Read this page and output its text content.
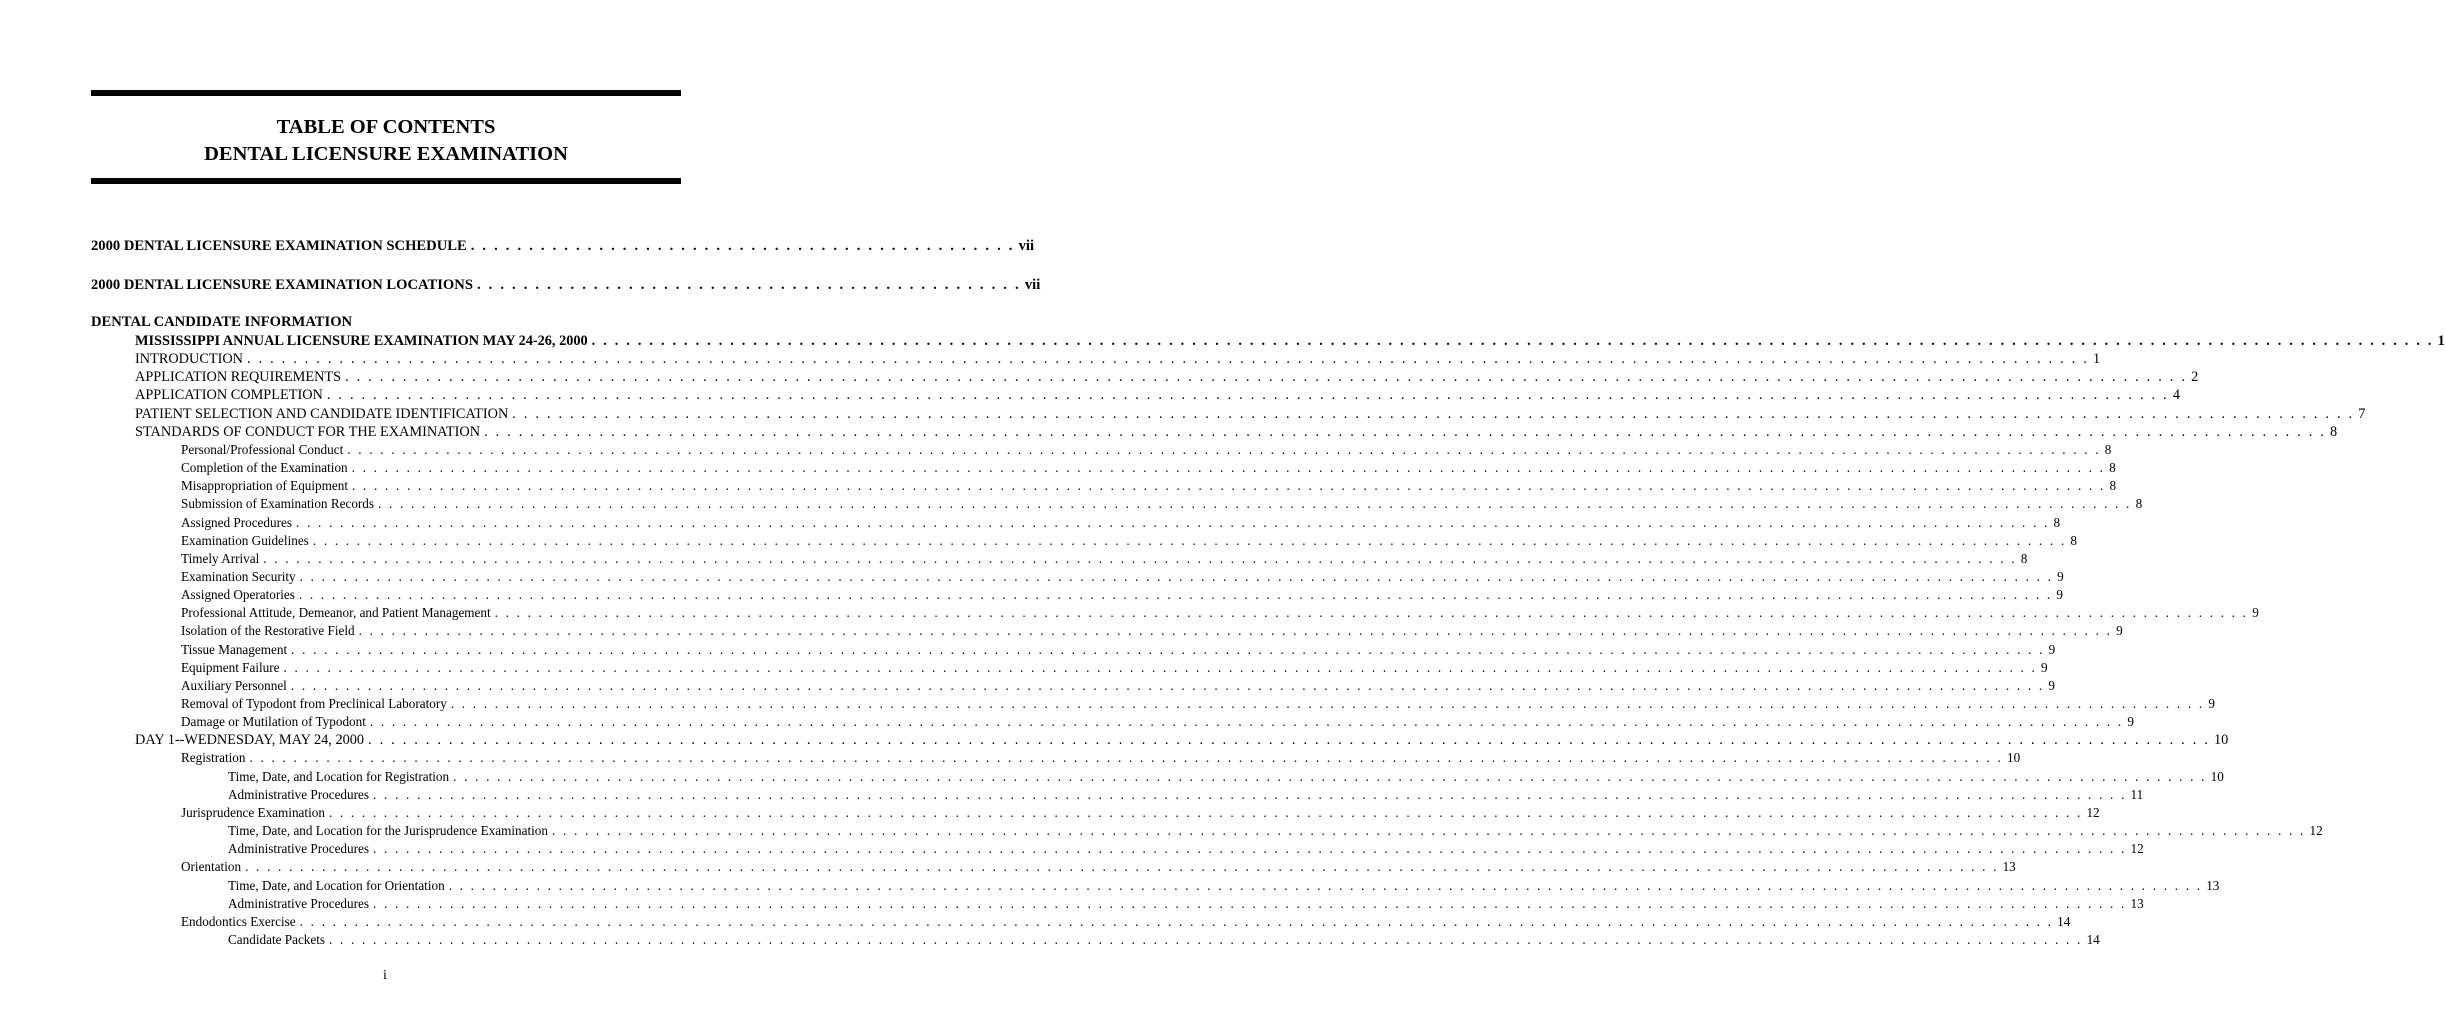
TABLE OF CONTENTS
DENTAL LICENSURE EXAMINATION
2000 DENTAL LICENSURE EXAMINATION SCHEDULE . . . . . . . . . . . . . . . . . . . . . . . . . . . . . . . . . . . . . . . . . . . . . . . vii
2000 DENTAL LICENSURE EXAMINATION LOCATIONS . . . . . . . . . . . . . . . . . . . . . . . . . . . . . . . . . . . . . . . . . . . . . . . vii
DENTAL CANDIDATE INFORMATION
MISSISSIPPI ANNUAL LICENSURE EXAMINATION MAY 24-26, 2000 . . . . . . . . . . . . . . . . . . . . . . . . . . . . . . . . . . . . . . . . . . . . . . . . . . . . . . . . . . . . . . . . . . . . . . . . . . . . . . . . . . . . . . . . . . . . . . . . . . . . . . . . . . . . . . . . . . . . . . . . . . . . . . . . . . . . . . . . . . . . . . . . . . . . . . . . . . . . . . . . 1
INTRODUCTION . . . . . . . . . . . . . . . . . . . . . . . . . . . . . . . . . . . . . . . . . . . . . . . . . . . . . . . . . . . . . . . . . . . . . . . . . . . . . . . . . . . . . . . . . . . . . . . . . . . . . . . . . . . . . . . . . . . . . . . . . . . . . . . . . . . . . . . . . . . . . . . . . . . . . . . . . . . . . . . . 1
APPLICATION REQUIREMENTS . . . . . . . . . . . . . . . . . . . . . . . . . . . . . . . . . . . . . . . . . . . . . . . . . . . . . . . . . . . . . . . . . . . . . . . . . . . . . . . . . . . . . . . . . . . . . . . . . . . . . . . . . . . . . . . . . . . . . . . . . . . . . . . . . . . . . . . . . . . . . . . . . . . . . . . . . . . . . . . . 2
APPLICATION COMPLETION . . . . . . . . . . . . . . . . . . . . . . . . . . . . . . . . . . . . . . . . . . . . . . . . . . . . . . . . . . . . . . . . . . . . . . . . . . . . . . . . . . . . . . . . . . . . . . . . . . . . . . . . . . . . . . . . . . . . . . . . . . . . . . . . . . . . . . . . . . . . . . . . . . . . . . . . . . . . . . . . 4
PATIENT SELECTION AND CANDIDATE IDENTIFICATION . . . . . . . . . . . . . . . . . . . . . . . . . . . . . . . . . . . . . . . . . . . . . . . . . . . . . . . . . . . . . . . . . . . . . . . . . . . . . . . . . . . . . . . . . . . . . . . . . . . . . . . . . . . . . . . . . . . . . . . . . . . . . . . . . . . . . . . . . . . . . . . . . . . . . . . . . . . . . . . . 7
STANDARDS OF CONDUCT FOR THE EXAMINATION . . . . . . . . . . . . . . . . . . . . . . . . . . . . . . . . . . . . . . . . . . . . . . . . . . . . . . . . . . . . . . . . . . . . . . . . . . . . . . . . . . . . . . . . . . . . . . . . . . . . . . . . . . . . . . . . . . . . . . . . . . . . . . . . . . . . . . . . . . . . . . . . . . . . . . . . . . . . . . . . 8
Personal/Professional Conduct . . . . . . . . . . . . . . . . . . . . . . . . . . . . . . . . . . . . . . . . . . . . . . . . . . . . . . . . . . . . . . . . . . . . . . . . . . . . . . . . . . . . . . . . . . . . . . . . . . . . . . . . . . . . . . . . . . . . . . . . . . . . . . . . . . . . . . . . . . . . . . . . . . . . . . . . . . . . . . . . 8
Completion of the Examination . . . . . . . . . . . . . . . . . . . . . . . . . . . . . . . . . . . . . . . . . . . . . . . . . . . . . . . . . . . . . . . . . . . . . . . . . . . . . . . . . . . . . . . . . . . . . . . . . . . . . . . . . . . . . . . . . . . . . . . . . . . . . . . . . . . . . . . . . . . . . . . . . . . . . . . . . . . . . . . . 8
Misappropriation of Equipment . . . . . . . . . . . . . . . . . . . . . . . . . . . . . . . . . . . . . . . . . . . . . . . . . . . . . . . . . . . . . . . . . . . . . . . . . . . . . . . . . . . . . . . . . . . . . . . . . . . . . . . . . . . . . . . . . . . . . . . . . . . . . . . . . . . . . . . . . . . . . . . . . . . . . . . . . . . . . . . . 8
Submission of Examination Records . . . . . . . . . . . . . . . . . . . . . . . . . . . . . . . . . . . . . . . . . . . . . . . . . . . . . . . . . . . . . . . . . . . . . . . . . . . . . . . . . . . . . . . . . . . . . . . . . . . . . . . . . . . . . . . . . . . . . . . . . . . . . . . . . . . . . . . . . . . . . . . . . . . . . . . . . . . . . . . . 8
Assigned Procedures . . . . . . . . . . . . . . . . . . . . . . . . . . . . . . . . . . . . . . . . . . . . . . . . . . . . . . . . . . . . . . . . . . . . . . . . . . . . . . . . . . . . . . . . . . . . . . . . . . . . . . . . . . . . . . . . . . . . . . . . . . . . . . . . . . . . . . . . . . . . . . . . . . . . . . . . . . . . . . . . 8
Examination Guidelines . . . . . . . . . . . . . . . . . . . . . . . . . . . . . . . . . . . . . . . . . . . . . . . . . . . . . . . . . . . . . . . . . . . . . . . . . . . . . . . . . . . . . . . . . . . . . . . . . . . . . . . . . . . . . . . . . . . . . . . . . . . . . . . . . . . . . . . . . . . . . . . . . . . . . . . . . . . . . . . . 8
Timely Arrival . . . . . . . . . . . . . . . . . . . . . . . . . . . . . . . . . . . . . . . . . . . . . . . . . . . . . . . . . . . . . . . . . . . . . . . . . . . . . . . . . . . . . . . . . . . . . . . . . . . . . . . . . . . . . . . . . . . . . . . . . . . . . . . . . . . . . . . . . . . . . . . . . . . . . . . . . . . . . . . . 8
Examination Security . . . . . . . . . . . . . . . . . . . . . . . . . . . . . . . . . . . . . . . . . . . . . . . . . . . . . . . . . . . . . . . . . . . . . . . . . . . . . . . . . . . . . . . . . . . . . . . . . . . . . . . . . . . . . . . . . . . . . . . . . . . . . . . . . . . . . . . . . . . . . . . . . . . . . . . . . . . . . . . . 9
Assigned Operatories . . . . . . . . . . . . . . . . . . . . . . . . . . . . . . . . . . . . . . . . . . . . . . . . . . . . . . . . . . . . . . . . . . . . . . . . . . . . . . . . . . . . . . . . . . . . . . . . . . . . . . . . . . . . . . . . . . . . . . . . . . . . . . . . . . . . . . . . . . . . . . . . . . . . . . . . . . . . . . . . 9
Professional Attitude, Demeanor, and Patient Management . . . . . . . . . . . . . . . . . . . . . . . . . . . . . . . . . . . . . . . . . . . . . . . . . . . . . . . . . . . . . . . . . . . . . . . . . . . . . . . . . . . . . . . . . . . . . . . . . . . . . . . . . . . . . . . . . . . . . . . . . . . . . . . . . . . . . . . . . . . . . . . . . . . . . . . . . . . . . . . . 9
Isolation of the Restorative Field . . . . . . . . . . . . . . . . . . . . . . . . . . . . . . . . . . . . . . . . . . . . . . . . . . . . . . . . . . . . . . . . . . . . . . . . . . . . . . . . . . . . . . . . . . . . . . . . . . . . . . . . . . . . . . . . . . . . . . . . . . . . . . . . . . . . . . . . . . . . . . . . . . . . . . . . . . . . . . . . 9
Tissue Management . . . . . . . . . . . . . . . . . . . . . . . . . . . . . . . . . . . . . . . . . . . . . . . . . . . . . . . . . . . . . . . . . . . . . . . . . . . . . . . . . . . . . . . . . . . . . . . . . . . . . . . . . . . . . . . . . . . . . . . . . . . . . . . . . . . . . . . . . . . . . . . . . . . . . . . . . . . . . . . . 9
Equipment Failure . . . . . . . . . . . . . . . . . . . . . . . . . . . . . . . . . . . . . . . . . . . . . . . . . . . . . . . . . . . . . . . . . . . . . . . . . . . . . . . . . . . . . . . . . . . . . . . . . . . . . . . . . . . . . . . . . . . . . . . . . . . . . . . . . . . . . . . . . . . . . . . . . . . . . . . . . . . . . . . . 9
Auxiliary Personnel . . . . . . . . . . . . . . . . . . . . . . . . . . . . . . . . . . . . . . . . . . . . . . . . . . . . . . . . . . . . . . . . . . . . . . . . . . . . . . . . . . . . . . . . . . . . . . . . . . . . . . . . . . . . . . . . . . . . . . . . . . . . . . . . . . . . . . . . . . . . . . . . . . . . . . . . . . . . . . . . 9
Removal of Typodont from Preclinical Laboratory . . . . . . . . . . . . . . . . . . . . . . . . . . . . . . . . . . . . . . . . . . . . . . . . . . . . . . . . . . . . . . . . . . . . . . . . . . . . . . . . . . . . . . . . . . . . . . . . . . . . . . . . . . . . . . . . . . . . . . . . . . . . . . . . . . . . . . . . . . . . . . . . . . . . . . . . . . . . . . . . 9
Damage or Mutilation of Typodont . . . . . . . . . . . . . . . . . . . . . . . . . . . . . . . . . . . . . . . . . . . . . . . . . . . . . . . . . . . . . . . . . . . . . . . . . . . . . . . . . . . . . . . . . . . . . . . . . . . . . . . . . . . . . . . . . . . . . . . . . . . . . . . . . . . . . . . . . . . . . . . . . . . . . . . . . . . . . . . . 9
DAY 1--WEDNESDAY, MAY 24, 2000 . . . . . . . . . . . . . . . . . . . . . . . . . . . . . . . . . . . . . . . . . . . . . . . . . . . . . . . . . . . . . . . . . . . . . . . . . . . . . . . . . . . . . . . . . . . . . . . . . . . . . . . . . . . . . . . . . . . . . . . . . . . . . . . . . . . . . . . . . . . . . . . . . . . . . . . . . . . . . . . . 10
Registration . . . . . . . . . . . . . . . . . . . . . . . . . . . . . . . . . . . . . . . . . . . . . . . . . . . . . . . . . . . . . . . . . . . . . . . . . . . . . . . . . . . . . . . . . . . . . . . . . . . . . . . . . . . . . . . . . . . . . . . . . . . . . . . . . . . . . . . . . . . . . . . . . . . . . . . . . . . . . . . . 10
Time, Date, and Location for Registration . . . . . . . . . . . . . . . . . . . . . . . . . . . . . . . . . . . . . . . . . . . . . . . . . . . . . . . . . . . . . . . . . . . . . . . . . . . . . . . . . . . . . . . . . . . . . . . . . . . . . . . . . . . . . . . . . . . . . . . . . . . . . . . . . . . . . . . . . . . . . . . . . . . . . . . . . . . . . . . . 10
Administrative Procedures . . . . . . . . . . . . . . . . . . . . . . . . . . . . . . . . . . . . . . . . . . . . . . . . . . . . . . . . . . . . . . . . . . . . . . . . . . . . . . . . . . . . . . . . . . . . . . . . . . . . . . . . . . . . . . . . . . . . . . . . . . . . . . . . . . . . . . . . . . . . . . . . . . . . . . . . . . . . . . . . 11
Jurisprudence Examination . . . . . . . . . . . . . . . . . . . . . . . . . . . . . . . . . . . . . . . . . . . . . . . . . . . . . . . . . . . . . . . . . . . . . . . . . . . . . . . . . . . . . . . . . . . . . . . . . . . . . . . . . . . . . . . . . . . . . . . . . . . . . . . . . . . . . . . . . . . . . . . . . . . . . . . . . . . . . . . . 12
Time, Date, and Location for the Jurisprudence Examination . . . . . . . . . . . . . . . . . . . . . . . . . . . . . . . . . . . . . . . . . . . . . . . . . . . . . . . . . . . . . . . . . . . . . . . . . . . . . . . . . . . . . . . . . . . . . . . . . . . . . . . . . . . . . . . . . . . . . . . . . . . . . . . . . . . . . . . . . . . . . . . . . . . . . . . . . . . . . . . . 12
Administrative Procedures . . . . . . . . . . . . . . . . . . . . . . . . . . . . . . . . . . . . . . . . . . . . . . . . . . . . . . . . . . . . . . . . . . . . . . . . . . . . . . . . . . . . . . . . . . . . . . . . . . . . . . . . . . . . . . . . . . . . . . . . . . . . . . . . . . . . . . . . . . . . . . . . . . . . . . . . . . . . . . . . 12
Orientation . . . . . . . . . . . . . . . . . . . . . . . . . . . . . . . . . . . . . . . . . . . . . . . . . . . . . . . . . . . . . . . . . . . . . . . . . . . . . . . . . . . . . . . . . . . . . . . . . . . . . . . . . . . . . . . . . . . . . . . . . . . . . . . . . . . . . . . . . . . . . . . . . . . . . . . . . . . . . . . . 13
Time, Date, and Location for Orientation . . . . . . . . . . . . . . . . . . . . . . . . . . . . . . . . . . . . . . . . . . . . . . . . . . . . . . . . . . . . . . . . . . . . . . . . . . . . . . . . . . . . . . . . . . . . . . . . . . . . . . . . . . . . . . . . . . . . . . . . . . . . . . . . . . . . . . . . . . . . . . . . . . . . . . . . . . . . . . . . 13
Administrative Procedures . . . . . . . . . . . . . . . . . . . . . . . . . . . . . . . . . . . . . . . . . . . . . . . . . . . . . . . . . . . . . . . . . . . . . . . . . . . . . . . . . . . . . . . . . . . . . . . . . . . . . . . . . . . . . . . . . . . . . . . . . . . . . . . . . . . . . . . . . . . . . . . . . . . . . . . . . . . . . . . . 13
Endodontics Exercise . . . . . . . . . . . . . . . . . . . . . . . . . . . . . . . . . . . . . . . . . . . . . . . . . . . . . . . . . . . . . . . . . . . . . . . . . . . . . . . . . . . . . . . . . . . . . . . . . . . . . . . . . . . . . . . . . . . . . . . . . . . . . . . . . . . . . . . . . . . . . . . . . . . . . . . . . . . . . . . . 14
Candidate Packets . . . . . . . . . . . . . . . . . . . . . . . . . . . . . . . . . . . . . . . . . . . . . . . . . . . . . . . . . . . . . . . . . . . . . . . . . . . . . . . . . . . . . . . . . . . . . . . . . . . . . . . . . . . . . . . . . . . . . . . . . . . . . . . . . . . . . . . . . . . . . . . . . . . . . . . . . . . . . . . . 14
i
